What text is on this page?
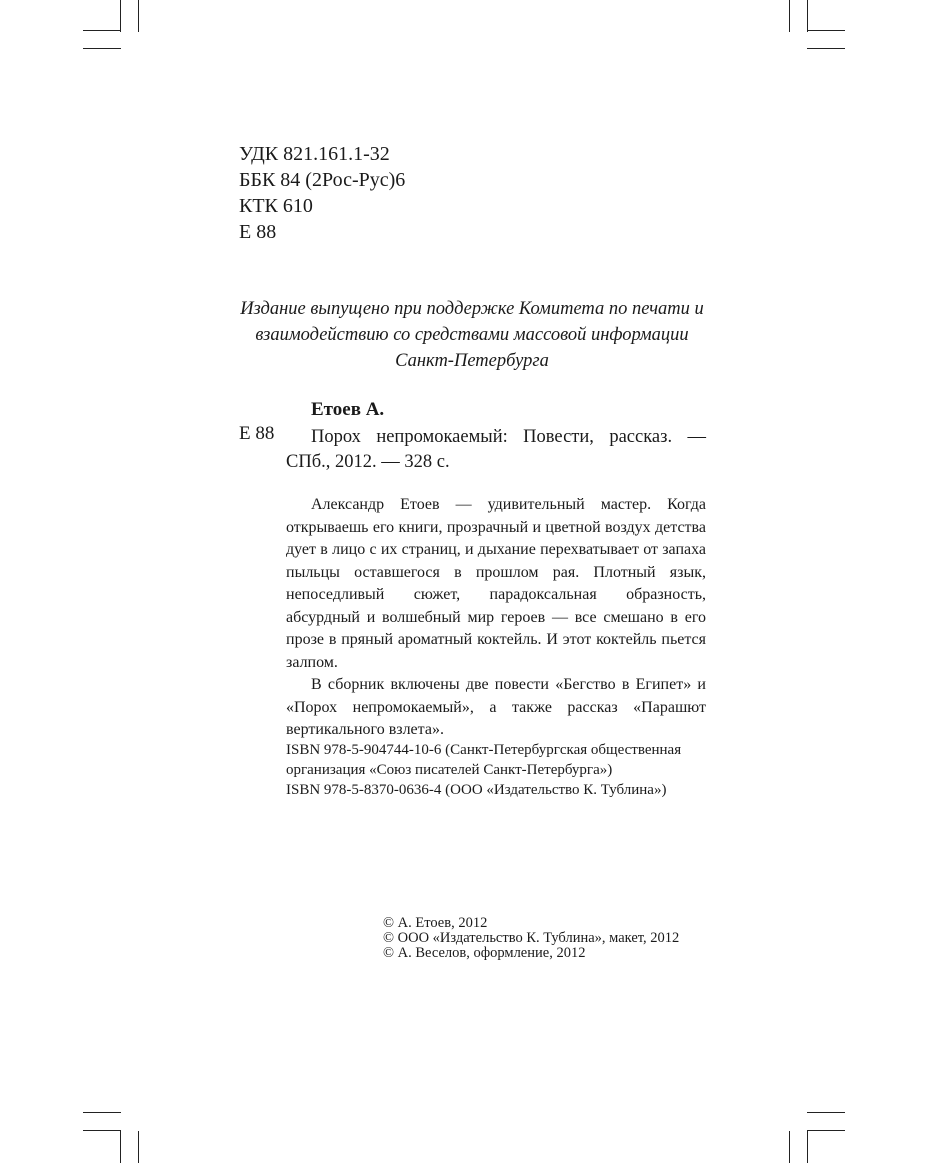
УДК 821.161.1-32
ББК 84 (2Рос-Рус)6
КТК 610
Е 88
Издание выпущено при поддержке Комитета по печати и взаимодействию со средствами массовой информации Санкт-Петербурга
Етоев А.
Е 88	Порох непромокаемый: Повести, рассказ. — СПб., 2012. — 328 с.

Александр Етоев — удивительный мастер. Когда открываешь его книги, прозрачный и цветной воздух детства дует в лицо с их страниц, и дыхание перехватывает от запаха пыльцы оставшегося в прошлом рая. Плотный язык, непоседливый сюжет, парадоксальная образность, абсурдный и волшебный мир героев — все смешано в его прозе в пряный ароматный коктейль. И этот коктейль пьется залпом.

В сборник включены две повести «Бегство в Египет» и «Порох непромокаемый», а также рассказ «Парашют вертикального взлета».

ISBN 978-5-904744-10-6 (Санкт-Петербургская общественная организация «Союз писателей Санкт-Петербурга»)

ISBN 978-5-8370-0636-4 (ООО «Издательство К. Тублина»)

© А. Етоев, 2012
© ООО «Издательство К. Тублина», макет, 2012
© А. Веселов, оформление, 2012
